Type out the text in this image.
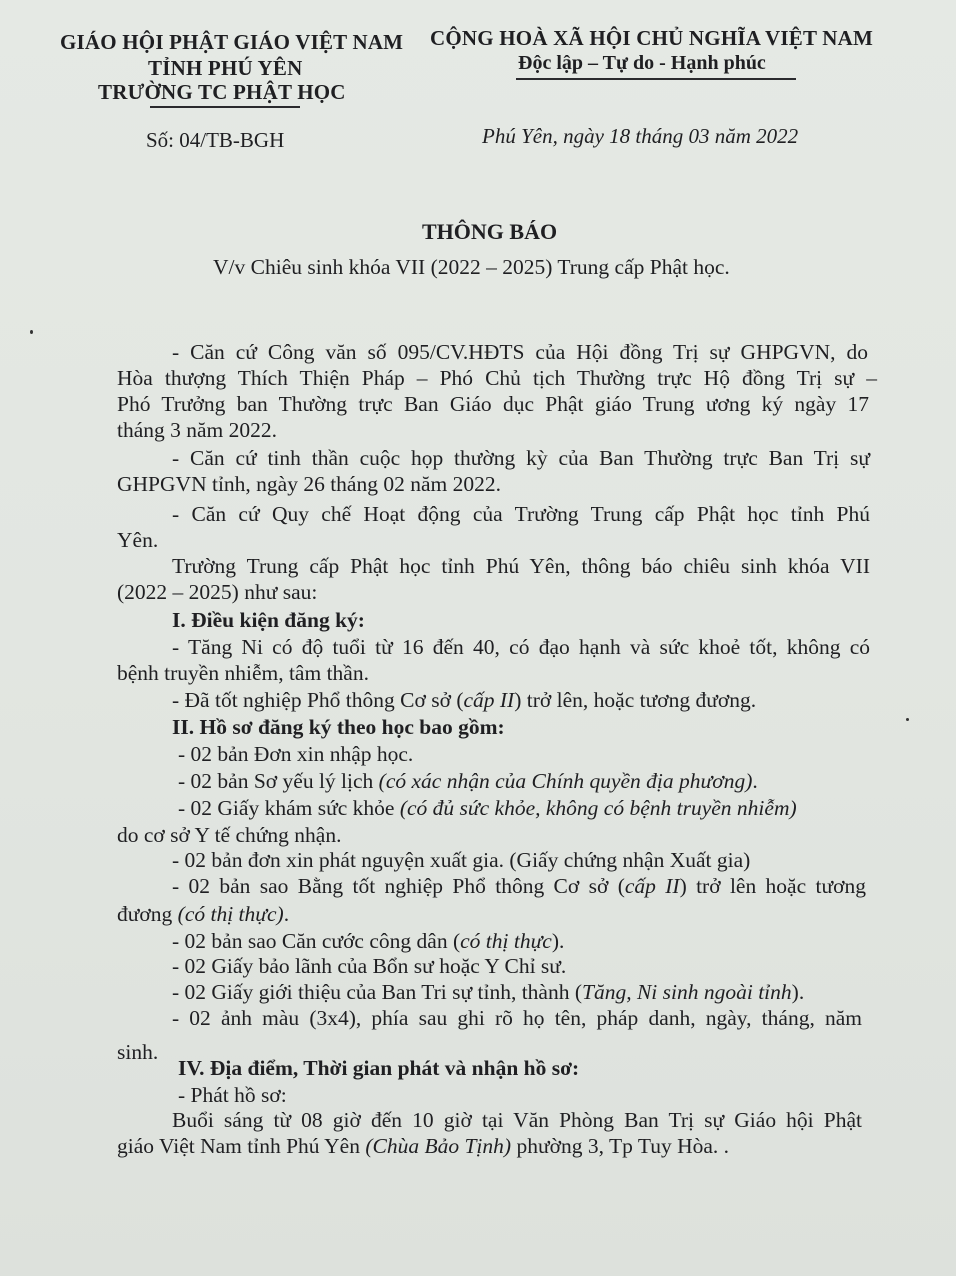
GIÁO HỘI PHẬT GIÁO VIỆT NAM
TỈNH PHÚ YÊN
TRƯỜNG TC PHẬT HỌC
CỘNG HOÀ XÃ HỘI CHỦ NGHĨA VIỆT NAM
Độc lập – Tự do - Hạnh phúc
Số: 04/TB-BGH	Phú Yên, ngày 18 tháng 03 năm 2022
THÔNG BÁO
V/v Chiêu sinh khóa VII (2022 – 2025) Trung cấp Phật học.
- Căn cứ Công văn số 095/CV.HĐTS của Hội đồng Trị sự GHPGVN, do
Hòa thượng Thích Thiện Pháp – Phó Chủ tịch Thường trực Hộ đồng Trị sự –
Phó Trưởng ban Thường trực Ban Giáo dục Phật giáo Trung ương ký ngày 17
tháng 3 năm 2022.
- Căn cứ tinh thần cuộc họp thường kỳ của Ban Thường trực Ban Trị sự
GHPGVN tỉnh, ngày 26 tháng 02 năm 2022.
- Căn cứ Quy chế Hoạt động của Trường Trung cấp Phật học tỉnh Phú
Yên.
Trường Trung cấp Phật học tỉnh Phú Yên, thông báo chiêu sinh khóa VII
(2022 – 2025) như sau:
I. Điều kiện đăng ký:
- Tăng Ni có độ tuổi từ 16 đến 40, có đạo hạnh và sức khoẻ tốt, không có
bệnh truyền nhiễm, tâm thần.
- Đã tốt nghiệp Phổ thông Cơ sở (cấp II) trở lên, hoặc tương đương.
II. Hồ sơ đăng ký theo học bao gồm:
- 02 bản Đơn xin nhập học.
- 02 bản Sơ yếu lý lịch (có xác nhận của Chính quyền địa phương).
- 02 Giấy khám sức khỏe (có đủ sức khỏe, không có bệnh truyền nhiễm)
do cơ sở Y tế chứng nhận.
- 02 bản đơn xin phát nguyện xuất gia. (Giấy chứng nhận Xuất gia)
- 02 bản sao Bằng tốt nghiệp Phổ thông Cơ sở (cấp II) trở lên hoặc tương
đương (có thị thực).
- 02 bản sao Căn cước công dân (có thị thực).
- 02 Giấy bảo lãnh của Bổn sư hoặc Y Chỉ sư.
- 02 Giấy giới thiệu của Ban Tri sự tỉnh, thành (Tăng, Ni sinh ngoài tỉnh).
- 02 ảnh màu (3x4), phía sau ghi rõ họ tên, pháp danh, ngày, tháng, năm
sinh.
IV. Địa điểm, Thời gian phát và nhận hồ sơ:
- Phát hồ sơ:
Buổi sáng từ 08 giờ đến 10 giờ tại Văn Phòng Ban Trị sự Giáo hội Phật
giáo Việt Nam tỉnh Phú Yên (Chùa Bảo Tịnh) phường 3, Tp Tuy Hòa. .
